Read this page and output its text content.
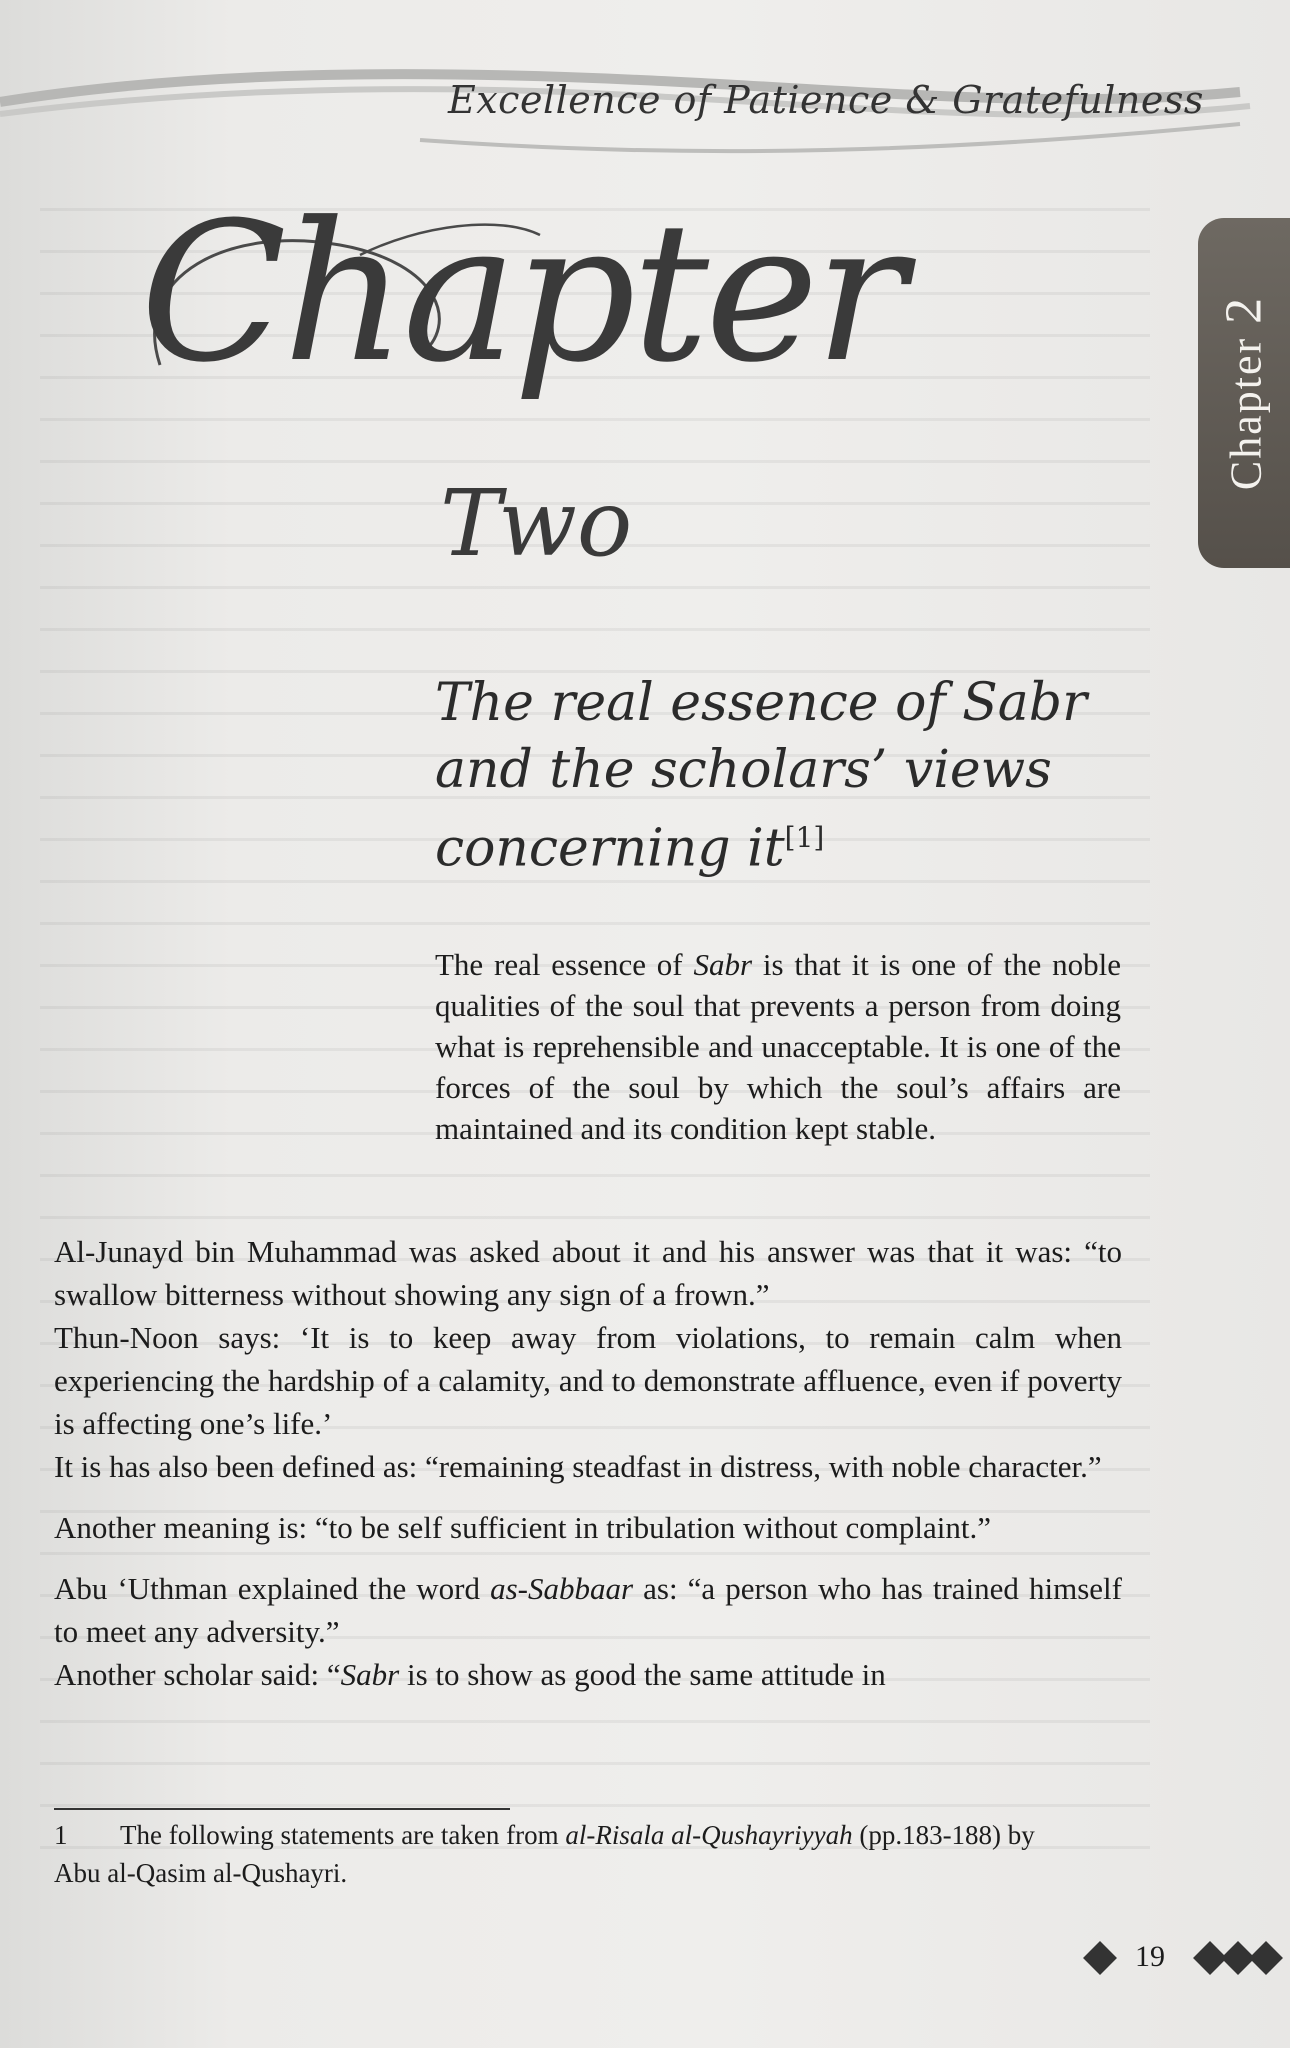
Excellence of Patience & Gratefulness
Chapter 2
Chapter
Two
The real essence of Sabr
and the scholars’ views
concerning it[1]
The real essence of Sabr is that it is one of the noble qualities of the soul that prevents a person from doing what is reprehensible and unacceptable. It is one of the forces of the soul by which the soul’s affairs are maintained and its condition kept stable.

Al-Junayd bin Muhammad was asked about it and his answer was that it was: “to swallow bitterness without showing any sign of a frown.”

Thun-Noon says: ‘It is to keep away from violations, to remain calm when experiencing the hardship of a calamity, and to demonstrate affluence, even if poverty is affecting one’s life.’

It is has also been defined as: “remaining steadfast in distress, with noble character.”

Another meaning is: “to be self sufficient in tribulation without complaint.”

Abu ‘Uthman explained the word as-Sabbaar as: “a person who has trained himself to meet any adversity.”

Another scholar said: “Sabr is to show as good the same attitude in

1 The following statements are taken from al-Risala al-Qushayriyyah (pp.183-188) by Abu al-Qasim al-Qushayri.
19
